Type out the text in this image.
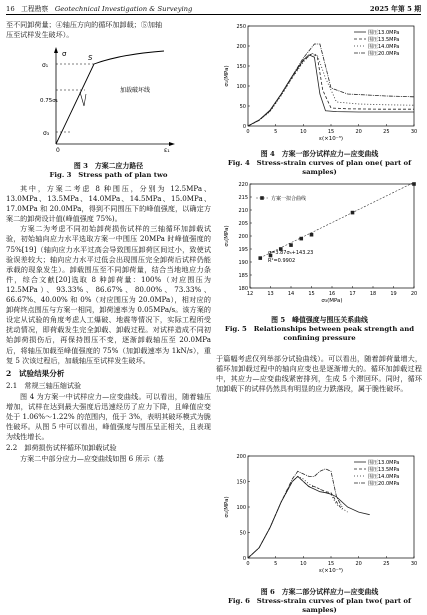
16 工程勘察 Geotechnical Investigation & Surveying	2025 年第 5 期

至不同卸荷量；④轴压方向的循环加卸载；⑤加轴

压至试样发生破坏）。

σ	S
σ₁
0.75σ₁
σ₃
ε₁
加载破坏线
0
图 3　方案二应力路径
Fig. 3　Stress path of plan two

其中，方案二考虑 8 种围压，分别为 12.5MPa、13.0MPa、13.5MPa、14.0MPa、14.5MPa、15.0MPa、17.0MPa 和 20.0MPa，得到不同围压下的峰值强度，以确定方案二的卸荷设计值(峰值强度 75%)。

方案二为考虑不同初始卸荷损伤试样的三轴循环加卸载试验，初始轴向应力水平选取方案一中围压 20MPa 时峰值强度的 75%[19]（轴向应力水平过高会导致围压卸荷区间过小，致使试验误差较大；轴向应力水平过低会出现围压完全卸荷后试样仍能承载的现象发生）。卸载围压至不同卸荷量，结合当地地应力条件，综合文献[20]选取 8 种卸荷量：100%（对应围压为 12.5MPa）、93.33%、86.67%、80.00%、73.33%、66.67%、40.00% 和 0%（对应围压为 20.0MPa），相对应的卸荷终点围压与方案一相同，卸荷速率为 0.05MPa/s。该方案的设定从试验的角度考虑人工爆破、地震等情况下，实际工程所受扰动情况，即荷载发生完全卸载、卸载过程。对试样造成不同初始卸荷损伤后，再保持围压不变，逐渐卸载轴压至 20.0MPa 后，将轴压加载至峰值强度的 75%（加卸载速率为 1kN/s），重复 5 次该过程后，加载轴压至试样发生破坏。

2　试验结果分析
2.1　常规三轴压缩试验

图 4 为方案一中试样应力—应变曲线。可以看出，随着轴压增加，试样在达到最大强度后迅速经历了应力下降，且峰值应变处于 1.06%～1.22% 的范围内，低于 3%，表明其破坏模式为脆性破坏。从图 5 中可以看出，峰值强度与围压呈正相关，且表现为线性增长。

2.2　卸荷损伤试样循环加卸载试验

方案二中部分应力—应变曲线如图 6 所示（基

0	5	10	15	20	25	30
0
50
100
150
200
250
ε(×10⁻³)
σ₁(MPa)
围压13.0MPa
围压13.5MPa
围压14.0MPa
围压20.0MPa
图 4　方案一部分试样应力—应变曲线
Fig. 4　Stress-strain curves of plan one( part of samples)
12	13	14	15	16	17	18	19	20
180
185
190
195
200
205
210
215
220
σ₃(MPa)
σ₁(MPa)
方案一拟合曲线
σ=3.87σ₃+143.23
R²=0.9902
图 5　峰值强度与围压关系曲线
Fig. 5　Relationships between peak strength and
confining pressure

于篇幅考虑仅列举部分试验曲线）。可以看出，随着卸荷量增大，循环加卸载过程中的轴向应变也是逐渐增大的。循环加卸载过程中，其应力—应变曲线紧密排列，生成 5 个滞回环。同时，循环加卸载下的试样仍然具有明显的应力跌落段，属于脆性破坏。

0	5	10	15	20	25	30
0
50
100
150
200
ε(×10⁻³)
σ₁(MPa)
围压13.0MPa
围压13.5MPa
围压14.0MPa
围压20.0MPa
图 6　方案二部分试样应力—应变曲线
Fig. 6　Stress-strain curves of plan two( part of samples)
